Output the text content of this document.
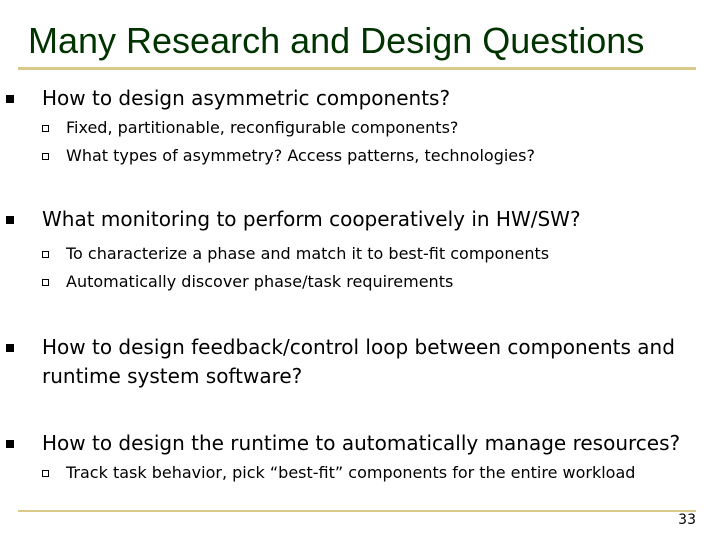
Many Research and Design Questions
How to design asymmetric components?
Fixed, partitionable, reconfigurable components?
What types of asymmetry? Access patterns, technologies?
What monitoring to perform cooperatively in HW/SW?
To characterize a phase and match it to best-fit components
Automatically discover phase/task requirements
How to design feedback/control loop between components and
runtime system software?
How to design the runtime to automatically manage resources?
Track task behavior, pick “best-fit” components for the entire workload
33
